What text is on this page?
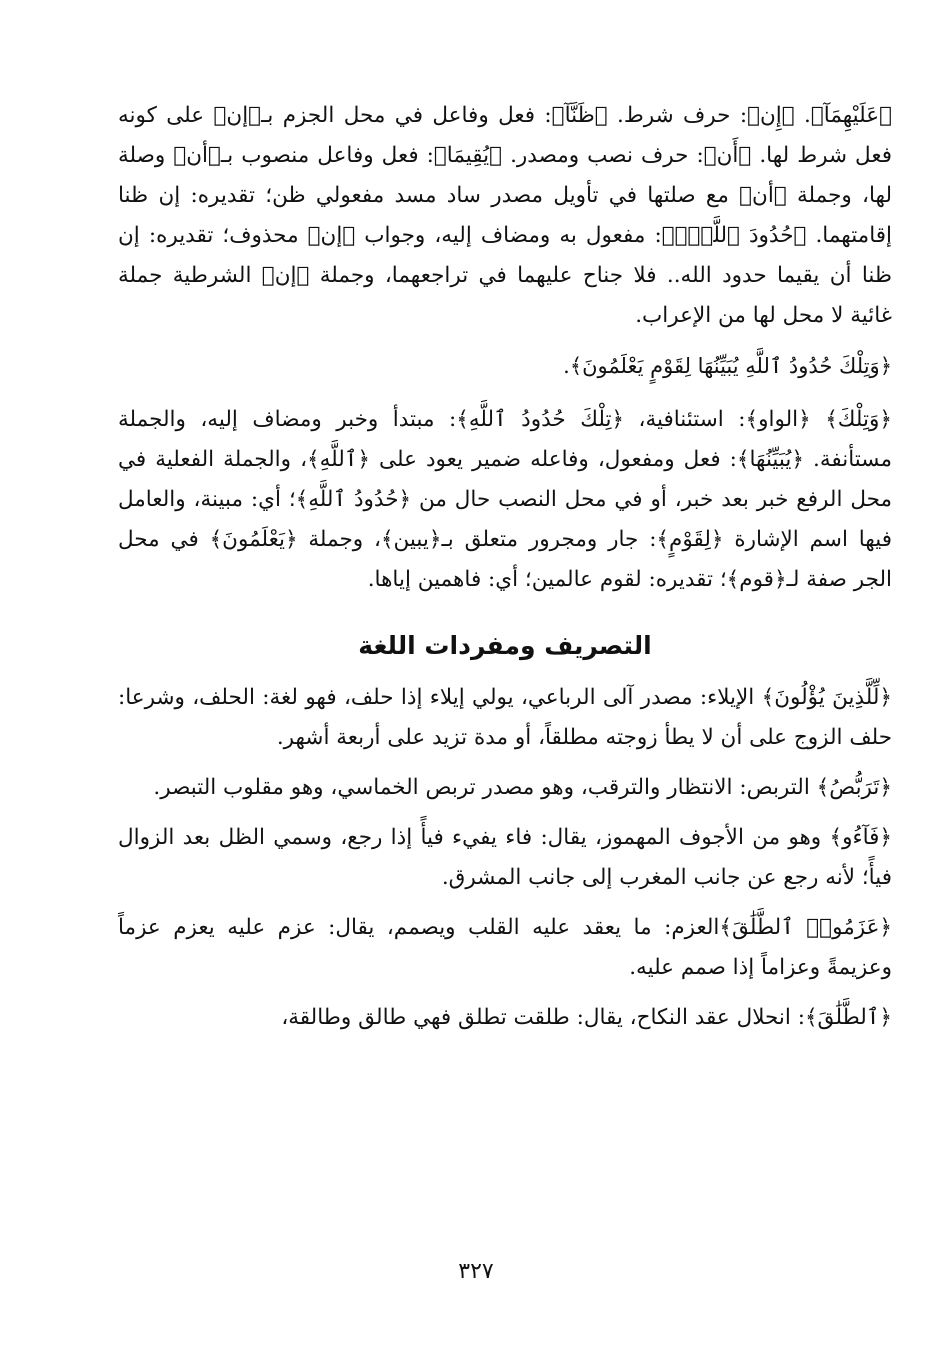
﴿عَلَيْهِمَآ﴾. ﴿إِن﴾: حرف شرط. ﴿ظَنَّآ﴾: فعل وفاعل في محل الجزم بـ﴿إن﴾ على كونه فعل شرط لها. ﴿أَن﴾: حرف نصب ومصدر. ﴿يُقِيمَا﴾: فعل وفاعل منصوب بـ﴿أن﴾ وصلة لها، وجملة ﴿أن﴾ مع صلتها في تأويل مصدر ساد مسد مفعولي ظن؛ تقديره: إن ظنا إقامتهما. ﴿حُدُودَ ٱللَّهِۗ﴾: مفعول به ومضاف إليه، وجواب ﴿إن﴾ محذوف؛ تقديره: إن ظنا أن يقيما حدود الله.. فلا جناح عليهما في تراجعهما، وجملة ﴿إن﴾ الشرطية جملة غائية لا محل لها من الإعراب.

﴿وَتِلْكَ حُدُودُ ٱللَّهِ يُبَيِّنُهَا لِقَوْمٍ يَعْلَمُونَ﴾.

﴿وَتِلْكَ﴾ ﴿الواو﴾: استئنافية، ﴿تِلْكَ حُدُودُ ٱللَّهِ﴾: مبتدأ وخبر ومضاف إليه، والجملة مستأنفة. ﴿يُبَيِّنُهَا﴾: فعل ومفعول، وفاعله ضمير يعود على ﴿ٱللَّهِ﴾، والجملة الفعلية في محل الرفع خبر بعد خبر، أو في محل النصب حال من ﴿حُدُودُ ٱللَّهِ﴾؛ أي: مبينة، والعامل فيها اسم الإشارة ﴿لِقَوْمٍ﴾: جار ومجرور متعلق بـ﴿يبين﴾، وجملة ﴿يَعْلَمُونَ﴾ في محل الجر صفة لـ﴿قوم﴾؛ تقديره: لقوم عالمين؛ أي: فاهمين إياها.

التصريف ومفردات اللغة

﴿لِّلَّذِينَ يُؤْلُونَ﴾ الإيلاء: مصدر آلى الرباعي، يولي إيلاء إذا حلف، فهو لغة: الحلف، وشرعا: حلف الزوج على أن لا يطأ زوجته مطلقاً، أو مدة تزيد على أربعة أشهر.

﴿تَرَبُّصُ﴾ التربص: الانتظار والترقب، وهو مصدر تربص الخماسي، وهو مقلوب التبصر.

﴿فَآءُو﴾ وهو من الأجوف المهموز، يقال: فاء يفيء فيأً إذا رجع، وسمي الظل بعد الزوال فيأً؛ لأنه رجع عن جانب المغرب إلى جانب المشرق.

﴿عَزَمُوا۟ ٱلطَّلَٰقَ﴾العزم: ما يعقد عليه القلب ويصمم، يقال: عزم عليه يعزم عزماً وعزيمةً وعزاماً إذا صمم عليه.

﴿ٱلطَّلَٰقَ﴾: انحلال عقد النكاح، يقال: طلقت تطلق فهي طالق وطالقة،

٣٢٧
